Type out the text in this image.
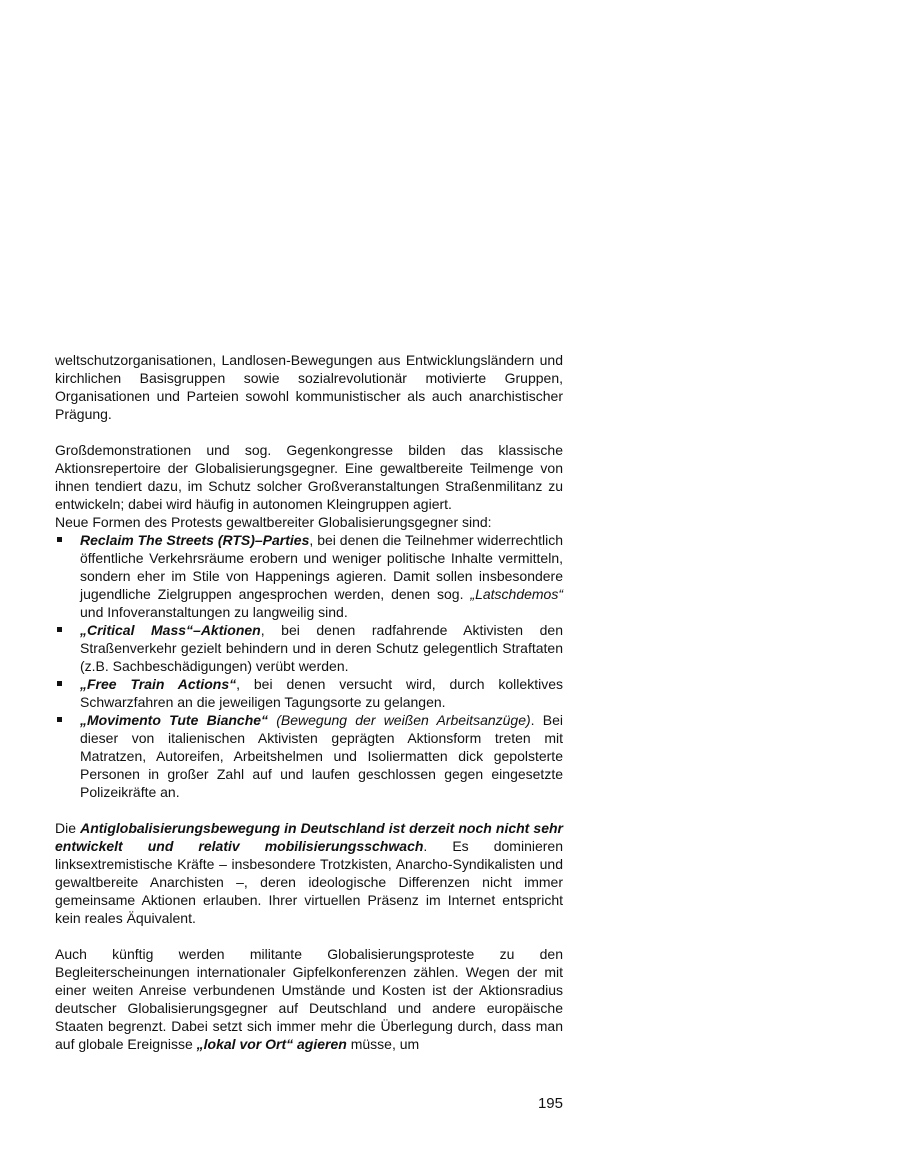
weltschutzorganisationen, Landlosen-Bewegungen aus Entwicklungsländern und kirchlichen Basisgruppen sowie sozialrevolutionär motivierte Gruppen, Organisationen und Parteien sowohl kommunistischer als auch anarchistischer Prägung.

Großdemonstrationen und sog. Gegenkongresse bilden das klassische Aktionsrepertoire der Globalisierungsgegner. Eine gewaltbereite Teilmenge von ihnen tendiert dazu, im Schutz solcher Großveranstaltungen Straßenmilitanz zu entwickeln; dabei wird häufig in autonomen Kleingruppen agiert.

Neue Formen des Protests gewaltbereiter Globalisierungsgegner sind:

Reclaim The Streets (RTS)–Parties, bei denen die Teilnehmer widerrechtlich öffentliche Verkehrsräume erobern und weniger politische Inhalte vermitteln, sondern eher im Stile von Happenings agieren. Damit sollen insbesondere jugendliche Zielgruppen angesprochen werden, denen sog. „Latschdemos“ und Infoveranstaltungen zu langweilig sind.
„Critical Mass“–Aktionen, bei denen radfahrende Aktivisten den Straßenverkehr gezielt behindern und in deren Schutz gelegentlich Straftaten (z.B. Sachbeschädigungen) verübt werden.
„Free Train Actions“, bei denen versucht wird, durch kollektives Schwarzfahren an die jeweiligen Tagungsorte zu gelangen.
„Movimento Tute Bianche“ (Bewegung der weißen Arbeitsanzüge). Bei dieser von italienischen Aktivisten geprägten Aktionsform treten mit Matratzen, Autoreifen, Arbeitshelmen und Isoliermatten dick gepolsterte Personen in großer Zahl auf und laufen geschlossen gegen eingesetzte Polizeikräfte an.

Die Antiglobalisierungsbewegung in Deutschland ist derzeit noch nicht sehr entwickelt und relativ mobilisierungsschwach. Es dominieren linksextremistische Kräfte – insbesondere Trotzkisten, Anarcho-Syndikalisten und gewaltbereite Anarchisten –, deren ideologische Differenzen nicht immer gemeinsame Aktionen erlauben. Ihrer virtuellen Präsenz im Internet entspricht kein reales Äquivalent.

Auch künftig werden militante Globalisierungsproteste zu den Begleiterscheinungen internationaler Gipfelkonferenzen zählen. Wegen der mit einer weiten Anreise verbundenen Umstände und Kosten ist der Aktionsradius deutscher Globalisierungsgegner auf Deutschland und andere europäische Staaten begrenzt. Dabei setzt sich immer mehr die Überlegung durch, dass man auf globale Ereignisse „lokal vor Ort“ agieren müsse, um

195
